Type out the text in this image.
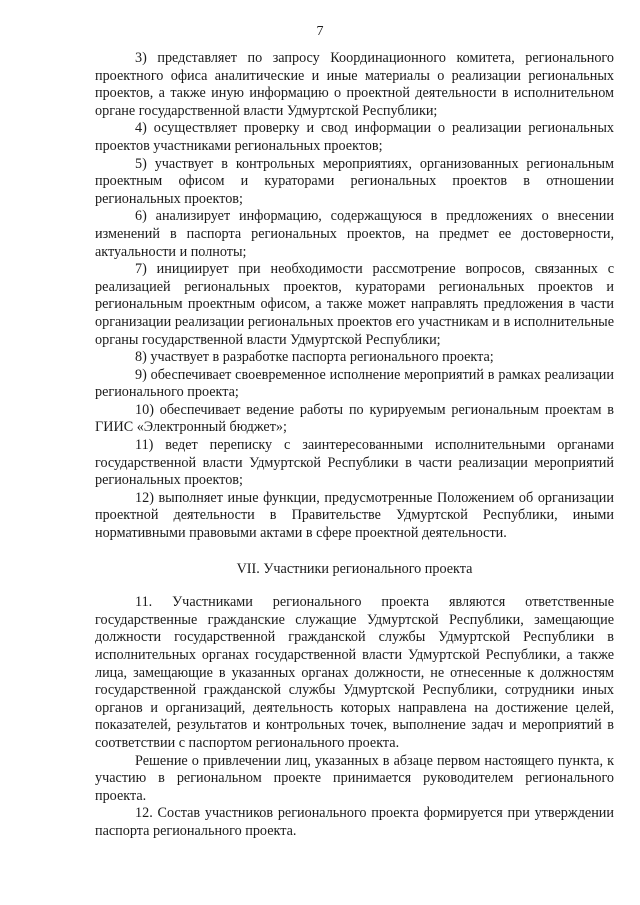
7

3) представляет по запросу Координационного комитета, регионального проектного офиса аналитические и иные материалы о реализации региональных проектов, а также иную информацию о проектной деятельности в исполнительном органе государственной власти Удмуртской Республики;

4) осуществляет проверку и свод информации о реализации региональных проектов участниками региональных проектов;

5) участвует в контрольных мероприятиях, организованных региональным проектным офисом и кураторами региональных проектов в отношении региональных проектов;

6) анализирует информацию, содержащуюся в предложениях о внесении изменений в паспорта региональных проектов, на предмет ее достоверности, актуальности и полноты;

7) инициирует при необходимости рассмотрение вопросов, связанных с реализацией региональных проектов, кураторами региональных проектов и региональным проектным офисом, а также может направлять предложения в части организации реализации региональных проектов его участникам и в исполнительные органы государственной власти Удмуртской Республики;

8) участвует в разработке паспорта регионального проекта;

9) обеспечивает своевременное исполнение мероприятий в рамках реализации регионального проекта;

10) обеспечивает ведение работы по курируемым региональным проектам в ГИИС «Электронный бюджет»;

11) ведет переписку с заинтересованными исполнительными органами государственной власти Удмуртской Республики в части реализации мероприятий региональных проектов;

12) выполняет иные функции, предусмотренные Положением об организации проектной деятельности в Правительстве Удмуртской Республики, иными нормативными правовыми актами в сфере проектной деятельности.

VII. Участники регионального проекта

11. Участниками регионального проекта являются ответственные государственные гражданские служащие Удмуртской Республики, замещающие должности государственной гражданской службы Удмуртской Республики в исполнительных органах государственной власти Удмуртской Республики, а также лица, замещающие в указанных органах должности, не отнесенные к должностям государственной гражданской службы Удмуртской Республики, сотрудники иных органов и организаций, деятельность которых направлена на достижение целей, показателей, результатов и контрольных точек, выполнение задач и мероприятий в соответствии с паспортом регионального проекта.

Решение о привлечении лиц, указанных в абзаце первом настоящего пункта, к участию в региональном проекте принимается руководителем регионального проекта.

12. Состав участников регионального проекта формируется при утверждении паспорта регионального проекта.
